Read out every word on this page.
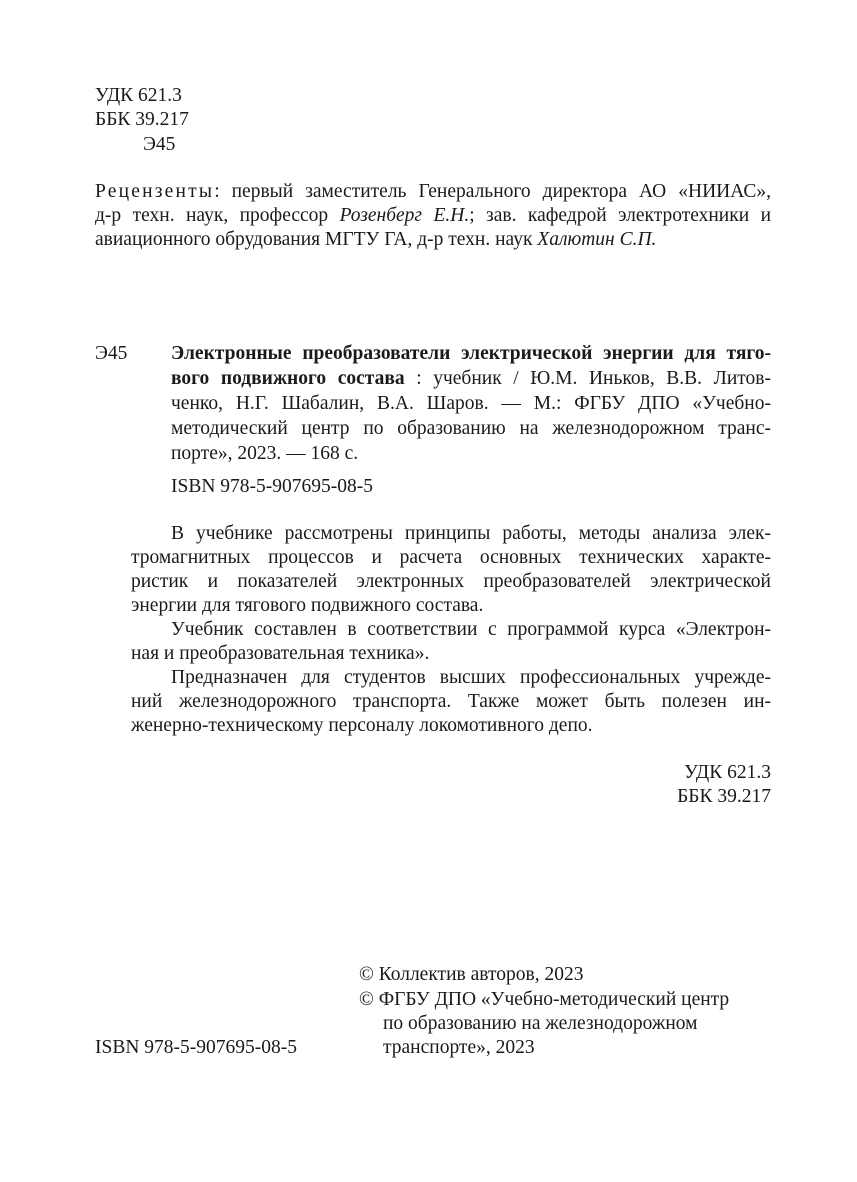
УДК 621.3
ББК 39.217
Э45
Рецензенты: первый заместитель Генерального директора АО «НИИАС»,
д-р техн. наук, профессор Розенберг Е.Н.; зав. кафедрой электротехники и
авиационного обрудования МГТУ ГА, д-р техн. наук Халютин С.П.
Э45 Электронные преобразователи электрической энергии для тяго-
вого подвижного состава : учебник / Ю.М. Иньков, В.В. Литов-
ченко, Н.Г. Шабалин, В.А. Шаров. — М.: ФГБУ ДПО «Учебно-
методический центр по образованию на железнодорожном транс-
порте», 2023. — 168 с.
ISBN 978-5-907695-08-5
В учебнике рассмотрены принципы работы, методы анализа элек-
тромагнитных процессов и расчета основных технических характе-
ристик и показателей электронных преобразователей электрической
энергии для тягового подвижного состава.
Учебник составлен в соответствии с программой курса «Электрон-
ная и преобразовательная техника».
Предназначен для студентов высших профессиональных учрежде-
ний железнодорожного транспорта. Также может быть полезен ин-
женерно-техническому персоналу локомотивного депо.
УДК 621.3
ББК 39.217
© Коллектив авторов, 2023
© ФГБУ ДПО «Учебно-методический центр
по образованию на железнодорожном
транспорте», 2023
ISBN 978-5-907695-08-5
